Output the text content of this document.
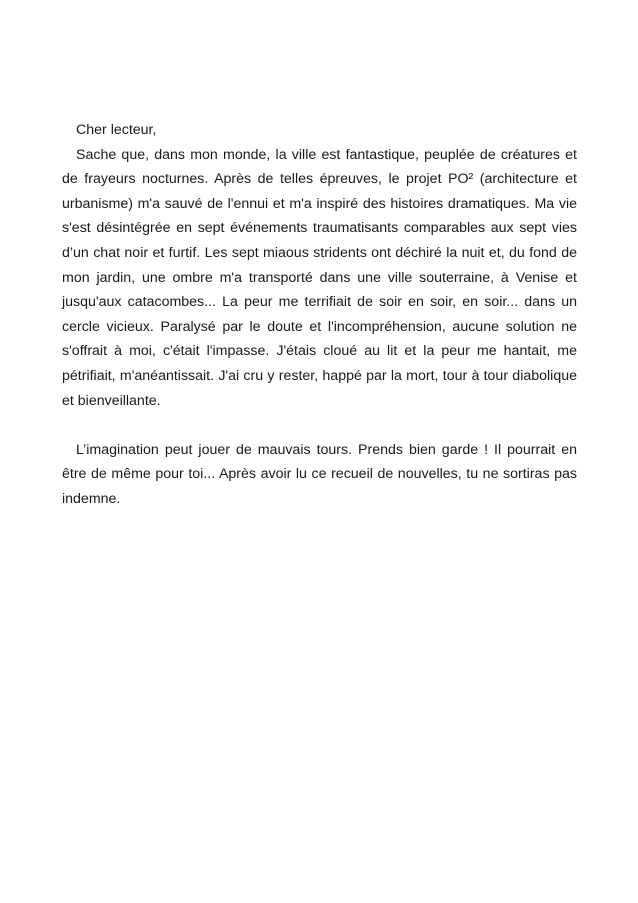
Cher lecteur,

Sache que, dans mon monde, la ville est fantastique, peuplée de créatures et de frayeurs nocturnes. Après de telles épreuves, le projet PO² (architecture et urbanisme) m'a sauvé de l'ennui et m'a inspiré des histoires dramatiques. Ma vie s'est désintégrée en sept événements traumatisants comparables aux sept vies d’un chat noir et furtif. Les sept miaous stridents ont déchiré la nuit et, du fond de mon jardin, une ombre m'a transporté dans une ville souterraine, à Venise et jusqu'aux catacombes... La peur me terrifiait de soir en soir, en soir... dans un cercle vicieux. Paralysé par le doute et l'incompréhension, aucune solution ne s'offrait à moi, c'était l'impasse. J'étais cloué au lit et la peur me hantait, me pétrifiait, m'anéantissait. J'ai cru y rester, happé par la mort, tour à tour diabolique et bienveillante.

L’imagination peut jouer de mauvais tours. Prends bien garde ! Il pourrait en être de même pour toi... Après avoir lu ce recueil de nouvelles, tu ne sortiras pas indemne.
